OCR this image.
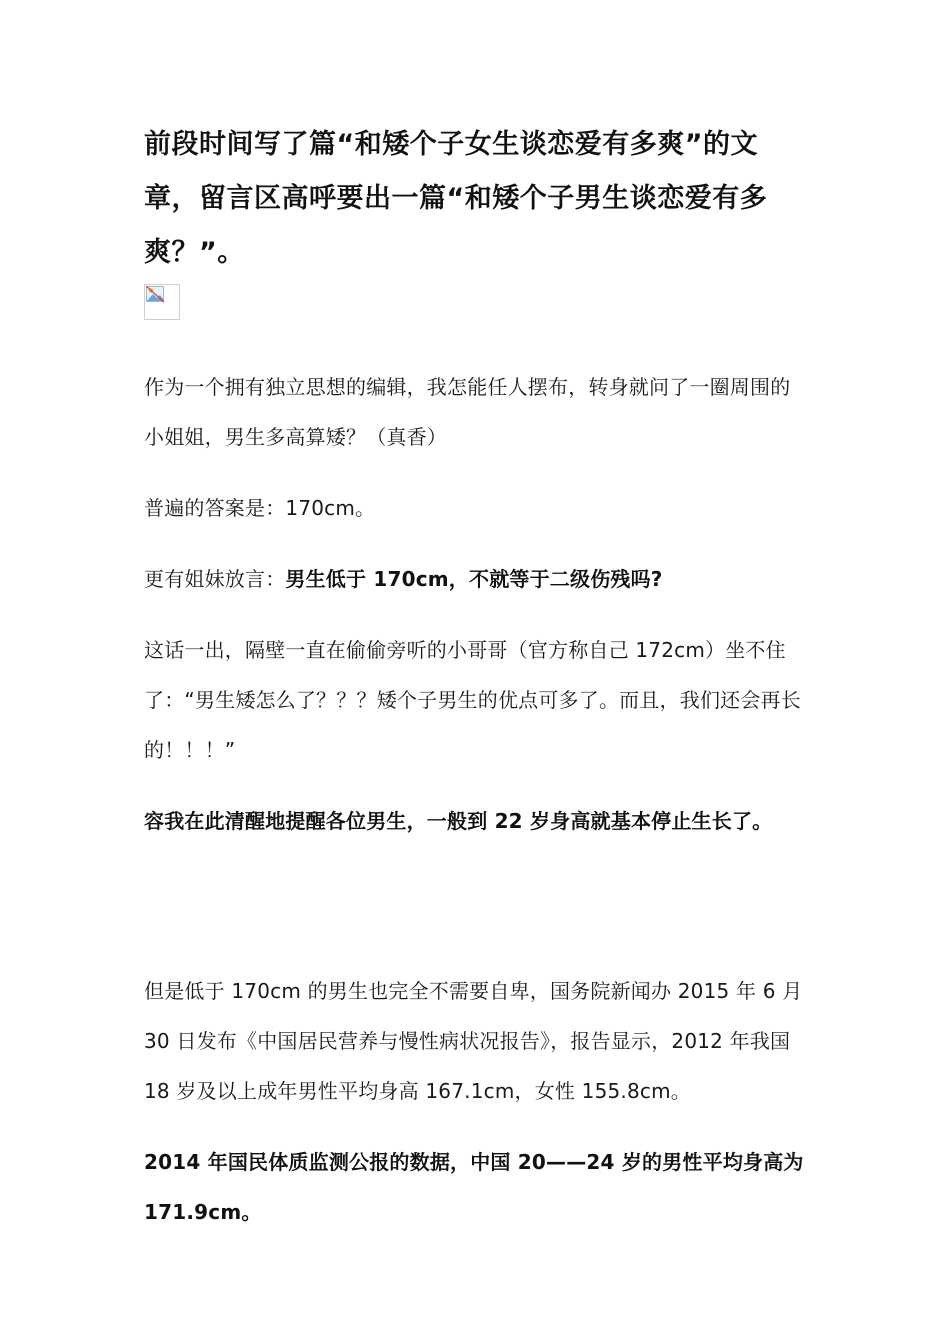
前段时间写了篇“和矮个子女生谈恋爱有多爽”的文章，留言区高呼要出一篇“和矮个子男生谈恋爱有多爽？”。

作为一个拥有独立思想的编辑，我怎能任人摆布，转身就问了一圈周围的小姐姐，男生多高算矮？（真香）

普遍的答案是：170cm。

更有姐妹放言：男生低于 170cm，不就等于二级伤残吗?

这话一出，隔壁一直在偷偷旁听的小哥哥（官方称自己 172cm）坐不住了：“男生矮怎么了？？？矮个子男生的优点可多了。而且，我们还会再长的！！！”

容我在此清醒地提醒各位男生，一般到 22 岁身高就基本停止生长了。

但是低于 170cm 的男生也完全不需要自卑，国务院新闻办 2015 年 6 月 30 日发布《中国居民营养与慢性病状况报告》，报告显示，2012 年我国 18 岁及以上成年男性平均身高 167.1cm，女性 155.8cm。

2014 年国民体质监测公报的数据，中国 20——24 岁的男性平均身高为 171.9cm。
